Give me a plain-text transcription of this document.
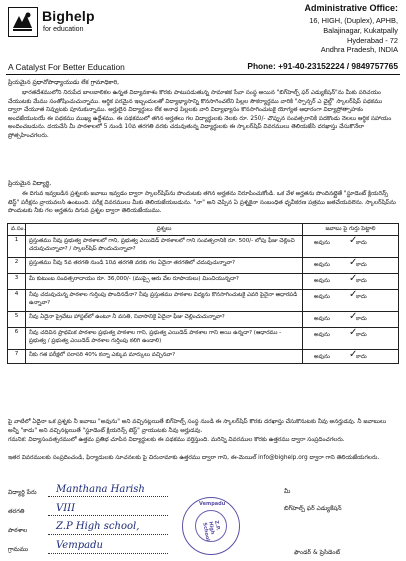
Bighelp
for education
A Catalyst For Better Education
Administrative Office:
16, HIGH, (Duplex), APHB,
Balajinagar, Kukatpally
Hyderabad - 72
Andhra Pradesh, INDIA
Phone: +91-40-23152224 / 9849757765
ప్రియమైన ప్రధానోపాధ్యాయుడు లేక గ్రామాధికారి,

భారతదేశములోని నిరుపేద బాలబాలికల ఉన్నత విద్యావకాశం కొరకు పాటుపడుతున్న సామాజిక సేవా సంస్థ అయిన "బిగ్‌హెల్ప్ ఫర్ ఎడ్యుకేషన్"ను మీకు పరిచయం చేయుటకు మేము సంతోషించుచున్నాము. ఆర్థిక పరమైన ఇబ్బందులతో విద్యాభ్యాసాన్ని కొనసాగించలేని పిల్లల సౌకర్యార్థము వారికి "స్పాన్సర్ ఎ చైల్డ్" స్కాలర్‌షిప్ పథకము ద్వారా చేయూత నివ్వుటకు పూనుకున్నాము. అర్హులైన విద్యార్థులు లేక అనాధ పిల్లలకు వారి విద్యాభ్యాసం కొనసాగించుటకై యోగ్యత ఆధారంగా విద్యాప్రోత్సాహకం అందజేయుటయే ఈ పథకము ముఖ్య ఉద్దేశము. ఈ పథకములో తగిన అర్హతలు గల విద్యార్థులకు నెలకు రూ. 250/- చొప్పున సంవత్సరానికి పదకొండు నెలలు ఆర్థిక సహాయం అందించబడును. దయచేసి మీ పాఠశాలలో 5 నుండి 10వ తరగతి వరకు చదువుతున్న విద్యార్థులకు ఈ స్కాలర్‌షిప్ వివరములు తెలియజేసి దరఖాస్తు చేసుకొనేలా ప్రోత్సహించగలరు.

ప్రియమైన విద్యార్థి,

ఈ దిగువ ఇవ్వబడిన ప్రశ్నలకు జవాబు ఇవ్వడం ద్వారా స్కాలర్‌షిప్‌ను పొందుటకు తగిన అర్హతను నిరూపించుకోండి. ఒక వేళ అర్హతను పొందినట్లైతే "స్టూడెంట్ క్లియరెన్స్ టెస్ట్" పరీక్షను వ్రాయవలసి ఉంటుంది. పరీక్ష వివరములు మీకు తెలియజేయబడును. "నా" అని చెప్పిన ఏ ప్రశ్నకైనా సంబంధిత ధృవీకరణ పత్రము జతచేయవలెను. స్కాలర్‌షిప్‌ను పొందుటకు నీకు గల అర్హతను దిగువ ప్రశ్నల ద్వారా తెలియజేయుము.

వ.సం.	ప్రశ్నలు	జవాబు పై గుర్తు పెట్టాలి
1	ప్రస్తుతము నీవు ప్రభుత్వ పాఠశాలలో గాని, ప్రభుత్వ ఎయిడెడ్ పాఠశాలలో గాని సంవత్సరానికి రూ. 500/- లోపు ఫీజు చెల్లించి చదువుచున్నావా? / స్కాలర్‌షిప్ పొందుచున్నావా?	అవును ✓
కాదు

2	ప్రస్తుతము నీవు 5వ తరగతి నుండి 10వ తరగతి వరకు గల ఏదైనా తరగతిలో చదువుచున్నావా?	అవును ✓
కాదు

3	మీ కుటుంబ సంవత్సరాదాయం రూ. 36,000/- (ముప్పై ఆరు వేల రూపాయలు) మించియున్నదా?	అవును ✓
కాదు

4	నీవు చదువుచున్న పాఠశాల గుర్తింపు పొందినదేనా? నీవు ప్రస్తుతము పాఠశాల విద్యను కొనసాగించుటకై ఎవరి పైనైనా ఆధారపడి ఉన్నావా?	అవును ✓
కాదు

5	నీవు ఏదైనా ప్రైవేటు హాస్టల్‌లో ఉంటూ నీ వసతి, నివాసానికై ఏదైనా ఫీజు చెల్లించుచున్నావా?	అవును ✓
కాదు

6	నీవు చదివిన ప్రాథమిక పాఠశాల ప్రభుత్వ పాఠశాల గాని, ప్రభుత్వ ఎయిడెడ్ పాఠశాల గాని అయి ఉన్నదా? (ఆధారము - ప్రభుత్వ / ప్రభుత్వ ఎయిడెడ్ పాఠశాల గుర్తింపు కలిగి ఉండాలి)	అవును ✓
కాదు

7	నీకు గత పరీక్షలో సరాసరి 40% కన్నా ఎక్కువ మార్కులు వచ్చినవా?	అవును ✓
కాదు

పై వాటిలో ఏదైనా ఒక ప్రశ్నకు నీ జవాబు "అవును" అని వచ్చినట్లయితే బిగ్‌హెల్ప్ సంస్థ నుండి ఈ స్కాలర్‌షిప్ కొరకు దరఖాస్తు చేసుకొనుటకు నీవు అనర్హుడవు. నీ జవాబులు అన్నీ "కాదు" అని వచ్చినట్లయితే "స్టూడెంట్ క్లియరెన్స్ టెస్ట్" వ్రాయుటకు నీవు అర్హుడవు.

గమనిక: విద్యాసంవత్సరములో ఉత్తమ ప్రతిభ చూపిన విద్యార్థులకు ఈ పథకము వర్తిస్తుంది. మరిన్ని వివరముల కొరకు ఉత్తరము ద్వారా సంప్రదించగలరు.

ఇతర వివరములకు సంప్రదించండి, ఫిర్యాదులకు సూచనలకు పై చిరునామాకు ఉత్తరము ద్వారా గాని, ఈ-మెయిల్ info@bighelp.org ద్వారా గాని తెలియజేయగలరు.

విద్యార్థి పేరు Manthana Harish
తరగతి	VIII
పాఠశాల	Z.P High school,
గ్రామము	Vempadu
Vempadu
Z.P. High School
మీ
బిగ్‌హెల్ప్ ఫర్ ఎడ్యుకేషన్
ఫౌండర్ & ప్రెసిడెంట్
